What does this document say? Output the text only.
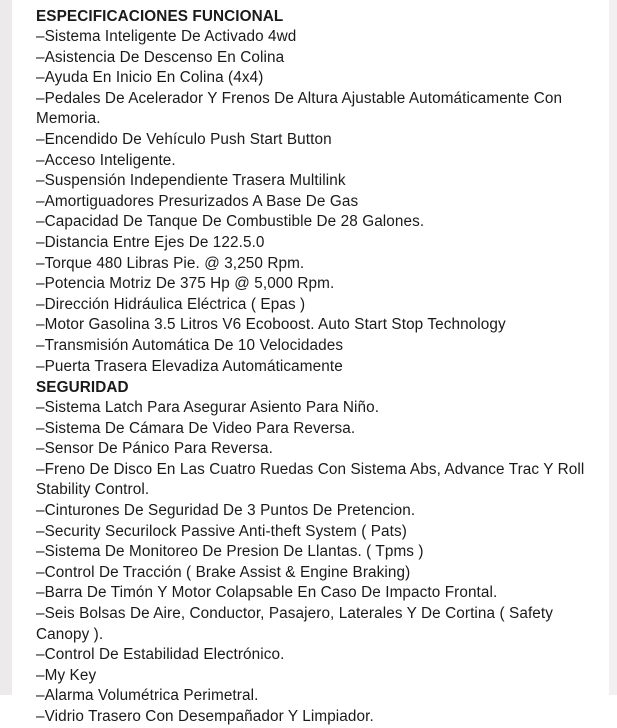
ESPECIFICACIONES FUNCIONAL
–Sistema Inteligente De Activado 4wd
–Asistencia De Descenso En Colina
–Ayuda En Inicio En Colina (4x4)
–Pedales De Acelerador Y Frenos De Altura Ajustable Automáticamente Con Memoria.
–Encendido De Vehículo Push Start Button
–Acceso Inteligente.
–Suspensión Independiente Trasera Multilink
–Amortiguadores Presurizados A Base De Gas
–Capacidad De Tanque De Combustible De 28 Galones.
–Distancia Entre Ejes De 122.5.0
–Torque 480 Libras Pie. @ 3,250 Rpm.
–Potencia Motriz De 375 Hp @ 5,000 Rpm.
–Dirección Hidráulica Eléctrica ( Epas )
–Motor Gasolina 3.5 Litros V6 Ecoboost. Auto Start Stop Technology
–Transmisión Automática De 10 Velocidades
–Puerta Trasera Elevadiza Automáticamente
SEGURIDAD
–Sistema Latch Para Asegurar Asiento Para Niño.
–Sistema De Cámara De Video Para Reversa.
–Sensor De Pánico Para Reversa.
–Freno De Disco En Las Cuatro Ruedas Con Sistema Abs, Advance Trac Y Roll Stability Control.
–Cinturones De Seguridad De 3 Puntos De Pretencion.
–Security Securilock Passive Anti-theft System ( Pats)
–Sistema De Monitoreo De Presion De Llantas. ( Tpms )
–Control De Tracción ( Brake Assist & Engine Braking)
–Barra De Timón Y Motor Colapsable En Caso De Impacto Frontal.
–Seis Bolsas De Aire, Conductor, Pasajero, Laterales Y De Cortina ( Safety Canopy ).
–Control De Estabilidad Electrónico.
–My Key
–Alarma Volumétrica Perimetral.
–Vidrio Trasero Con Desempañador Y Limpiador.
